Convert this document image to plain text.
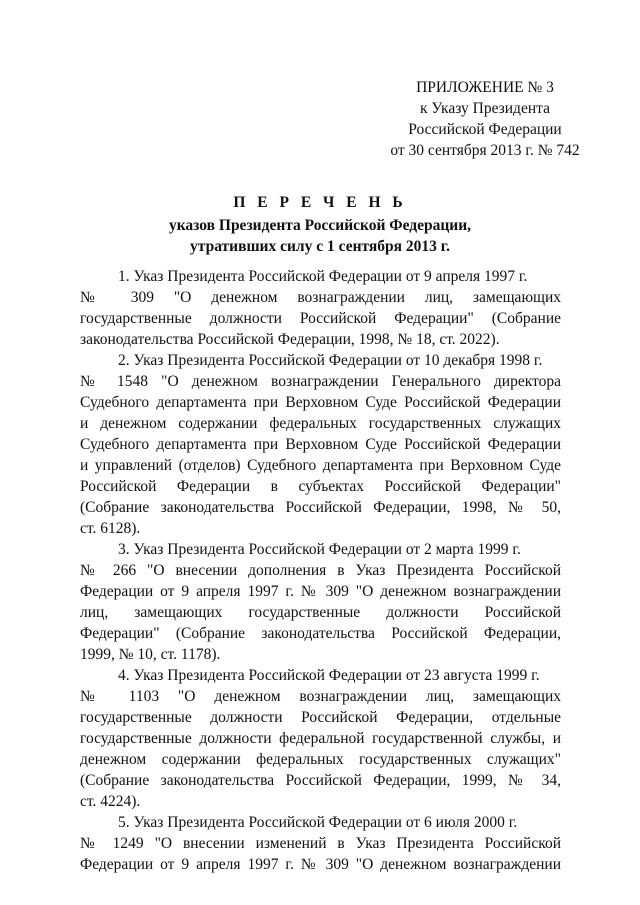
ПРИЛОЖЕНИЕ № 3
к Указу Президента
Российской Федерации
от 30 сентября 2013 г. № 742
П Е Р Е Ч Е Н Ь
указов Президента Российской Федерации,
утративших силу с 1 сентября 2013 г.

1. Указ Президента Российской Федерации от 9 апреля 1997 г.
№ 309 "О денежном вознаграждении лиц, замещающих
государственные должности Российской Федерации" (Собрание
законодательства Российской Федерации, 1998, № 18, ст. 2022).

2. Указ Президента Российской Федерации от 10 декабря 1998 г.
№ 1548 "О денежном вознаграждении Генерального директора
Судебного департамента при Верховном Суде Российской Федерации
и денежном содержании федеральных государственных служащих
Судебного департамента при Верховном Суде Российской Федерации
и управлений (отделов) Судебного департамента при Верховном Суде
Российской Федерации в субъектах Российской Федерации"
(Собрание законодательства Российской Федерации, 1998, № 50,
ст. 6128).

3. Указ Президента Российской Федерации от 2 марта 1999 г.
№ 266 "О внесении дополнения в Указ Президента Российской
Федерации от 9 апреля 1997 г. № 309 "О денежном вознаграждении
лиц, замещающих государственные должности Российской
Федерации" (Собрание законодательства Российской Федерации,
1999, № 10, ст. 1178).

4. Указ Президента Российской Федерации от 23 августа 1999 г.
№ 1103 "О денежном вознаграждении лиц, замещающих
государственные должности Российской Федерации, отдельные
государственные должности федеральной государственной службы, и
денежном содержании федеральных государственных служащих"
(Собрание законодательства Российской Федерации, 1999, № 34,
ст. 4224).

5. Указ Президента Российской Федерации от 6 июля 2000 г.
№ 1249 "О внесении изменений в Указ Президента Российской
Федерации от 9 апреля 1997 г. № 309 "О денежном вознаграждении
